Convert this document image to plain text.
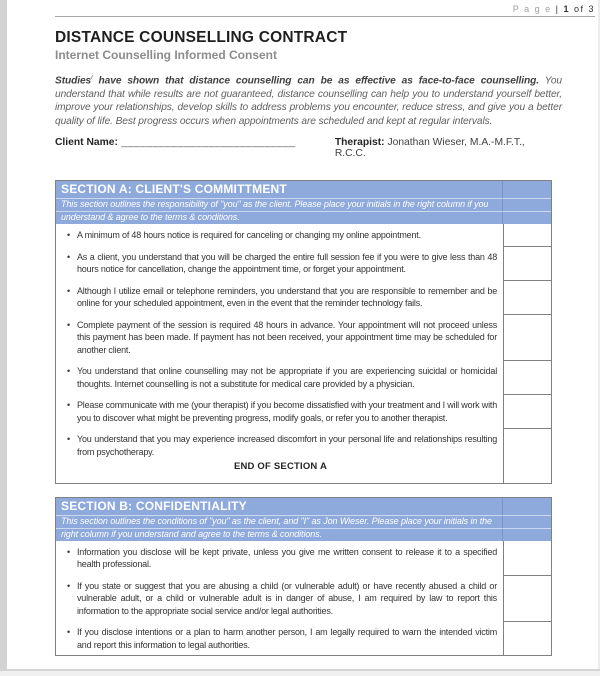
P a g e | 1 of 3
DISTANCE COUNSELLING CONTRACT
Internet Counselling Informed Consent

Studies$^i$ have shown that distance counselling can be as effective as face-to-face counselling. You understand that while results are not guaranteed, distance counselling can help you to understand yourself better, improve your relationships, develop skills to address problems you encounter, reduce stress, and give you a better quality of life. Best progress occurs when appointments are scheduled and kept at regular intervals.

Client Name: ____________________________	Therapist: Jonathan Wieser, M.A.-M.F.T., R.C.C.
SECTION A: CLIENT'S COMMITTMENT
This section outlines the responsibility of "you" as the client. Please place your initials in the right column if you
understand & agree to the terms & conditions.
• A minimum of 48 hours notice is required for canceling or changing my online appointment.
• As a client, you understand that you will be charged the entire full session fee if you were to give less than 48 hours notice for cancellation, change the appointment time, or forget your appointment.
• Although I utilize email or telephone reminders, you understand that you are responsible to remember and be online for your scheduled appointment, even in the event that the reminder technology fails.
• Complete payment of the session is required 48 hours in advance. Your appointment will not proceed unless this payment has been made. If payment has not been received, your appointment time may be scheduled for another client.
• You understand that online counselling may not be appropriate if you are experiencing suicidal or homicidal thoughts. Internet counselling is not a substitute for medical care provided by a physician.
• Please communicate with me (your therapist) if you become dissatisfied with your treatment and I will work with you to discover what might be preventing progress, modify goals, or refer you to another therapist.
• You understand that you may experience increased discomfort in your personal life and relationships resulting from psychotherapy.
END OF SECTION A
SECTION B: CONFIDENTIALITY
This section outlines the conditions of "you" as the client, and "I" as Jon Wieser. Please place your initials in the
right column if you understand and agree to the terms & conditions.
• Information you disclose will be kept private, unless you give me written consent to release it to a specified health professional.
• If you state or suggest that you are abusing a child (or vulnerable adult) or have recently abused a child or vulnerable adult, or a child or vulnerable adult is in danger of abuse, I am required by law to report this information to the appropriate social service and/or legal authorities.
• If you disclose intentions or a plan to harm another person, I am legally required to warn the intended victim and report this information to legal authorities.
